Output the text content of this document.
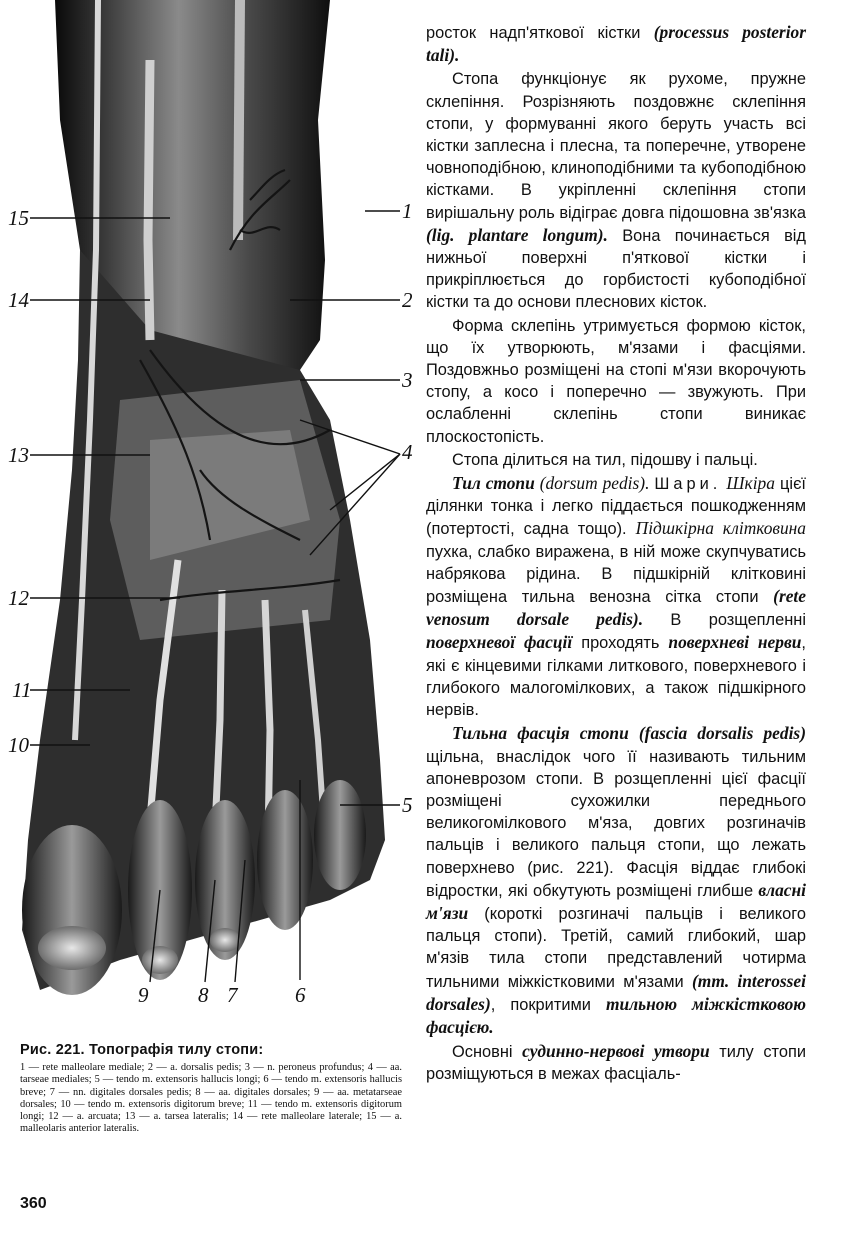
1
2
3
4
5
6
7
8
9
10
11
12
13
14
15

Рис. 221. Топографія тилу стопи:

1 — rete malleolare mediale; 2 — a. dorsalis pedis; 3 — n. peroneus profundus; 4 — aa. tarseae mediales; 5 — tendo m. extensoris hallucis longi; 6 — tendo m. extensoris hallucis breve; 7 — nn. digitales dorsales pedis; 8 — aa. digitales dorsales; 9 — aa. metatarseae dorsales; 10 — tendo m. extensoris digitorum breve; 11 — tendo m. extensoris digitorum longi; 12 — a. arcuata; 13 — a. tarsea lateralis; 14 — rete malleolare laterale; 15 — a. malleolaris anterior lateralis.

360

росток надп'яткової кістки (processus posterior tali).

Стопа функціонує як рухоме, пружне склепіння. Розрізняють поздовжнє склепіння стопи, у формуванні якого беруть участь всі кістки заплесна і плесна, та поперечне, утворене човноподібною, клиноподібними та кубоподібною кістками. В укріпленні склепіння стопи вирішальну роль відіграє довга підошовна зв'язка (lig. plantare longum). Вона починається від нижньої поверхні п'яткової кістки і прикріплюється до горбистості кубоподібної кістки та до основи плеснових кісток.

Форма склепінь утримується формою кісток, що їх утворюють, м'язами і фасціями. Поздовжньо розміщені на стопі м'язи вкорочують стопу, а косо і поперечно — звужують. При ослабленні склепінь стопи виникає плоскостопість.

Стопа ділиться на тил, підошву і пальці.

Тил стопи (dorsum pedis). Шари. Шкіра цієї ділянки тонка і легко піддається пошкодженням (потертості, садна тощо). Підшкірна клітковина пухка, слабко виражена, в ній може скупчуватись набрякова рідина. В підшкірній клітковині розміщена тильна венозна сітка стопи (rete venosum dorsale pedis). В розщепленні поверхневої фасції проходять поверхневі нерви, які є кінцевими гілками литкового, поверхневого і глибокого малогомілкових, а також підшкірного нервів.

Тильна фасція стопи (fascia dorsalis pedis) щільна, внаслідок чого її називають тильним апоневрозом стопи. В розщепленні цієї фасції розміщені сухожилки переднього великогомілкового м'яза, довгих розгиначів пальців і великого пальця стопи, що лежать поверхнево (рис. 221). Фасція віддає глибокі відростки, які обкутують розміщені глибше власні м'язи (короткі розгиначі пальців і великого пальця стопи). Третій, самий глибокий, шар м'язів тила стопи представлений чотирма тильними міжкістковими м'язами (mm. interossei dorsales), покритими тильною міжкістковою фасцією.

Основні судинно-нервові утвори тилу стопи розміщуються в межах фасціаль-
